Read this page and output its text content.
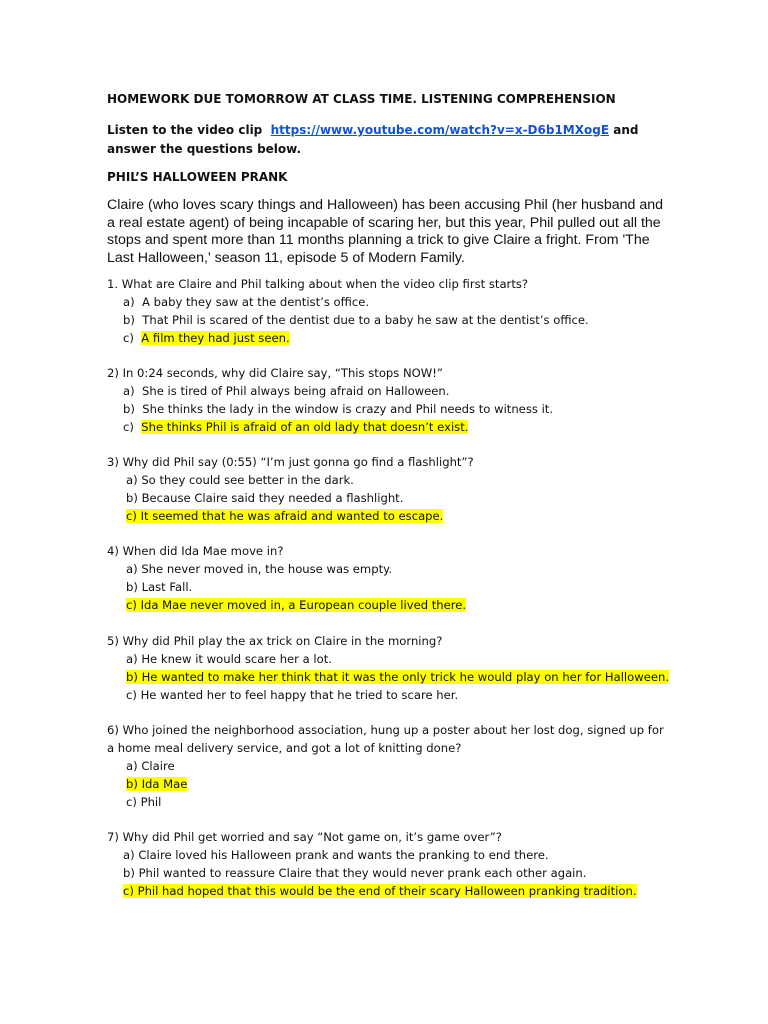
HOMEWORK DUE TOMORROW AT CLASS TIME. LISTENING COMPREHENSION
Listen to the video clip https://www.youtube.com/watch?v=x-D6b1MXogE and answer the questions below.
PHIL’S HALLOWEEN PRANK
Claire (who loves scary things and Halloween) has been accusing Phil (her husband and a real estate agent) of being incapable of scaring her, but this year, Phil pulled out all the stops and spent more than 11 months planning a trick to give Claire a fright. From 'The Last Halloween,' season 11, episode 5 of Modern Family.
1. What are Claire and Phil talking about when the video clip first starts?
a) A baby they saw at the dentist’s office.
b) That Phil is scared of the dentist due to a baby he saw at the dentist’s office.
c) A film they had just seen.
2) In 0:24 seconds, why did Claire say, “This stops NOW!”
a) She is tired of Phil always being afraid on Halloween.
b) She thinks the lady in the window is crazy and Phil needs to witness it.
c) She thinks Phil is afraid of an old lady that doesn’t exist.
3) Why did Phil say (0:55) “I’m just gonna go find a flashlight”?
a) So they could see better in the dark.
b) Because Claire said they needed a flashlight.
c) It seemed that he was afraid and wanted to escape.
4) When did Ida Mae move in?
a) She never moved in, the house was empty.
b) Last Fall.
c) Ida Mae never moved in, a European couple lived there.
5) Why did Phil play the ax trick on Claire in the morning?
a) He knew it would scare her a lot.
b) He wanted to make her think that it was the only trick he would play on her for Halloween.
c) He wanted her to feel happy that he tried to scare her.
6) Who joined the neighborhood association, hung up a poster about her lost dog, signed up for a home meal delivery service, and got a lot of knitting done?
a) Claire
b) Ida Mae
c) Phil
7) Why did Phil get worried and say “Not game on, it’s game over”?
a) Claire loved his Halloween prank and wants the pranking to end there.
b) Phil wanted to reassure Claire that they would never prank each other again.
c) Phil had hoped that this would be the end of their scary Halloween pranking tradition.
